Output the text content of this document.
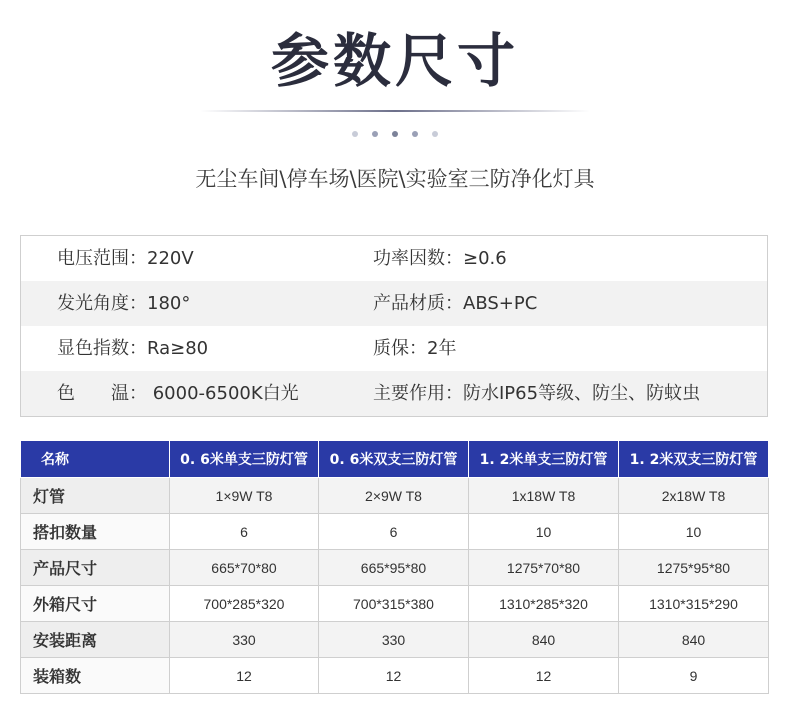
参数尺寸
无尘车间\停车场\医院\实验室三防净化灯具
电压范围：220V	功率因数：≥0.6
发光角度：180°	产品材质：ABS+PC
显色指数：Ra≥80	质保：2年
色 温： 6000-6500K白光	主要作用：防水IP65等级、防尘、防蚊虫
名称	0. 6米单支三防灯管	0. 6米双支三防灯管	1. 2米单支三防灯管	1. 2米双支三防灯管
灯管	1×9W T8	2×9W T8	1x18W T8	2x18W T8
搭扣数量	6	6	10	10
产品尺寸	665*70*80	665*95*80	1275*70*80	1275*95*80
外箱尺寸	700*285*320	700*315*380	1310*285*320	1310*315*290
安装距离	330	330	840	840
装箱数	12	12	12	9
